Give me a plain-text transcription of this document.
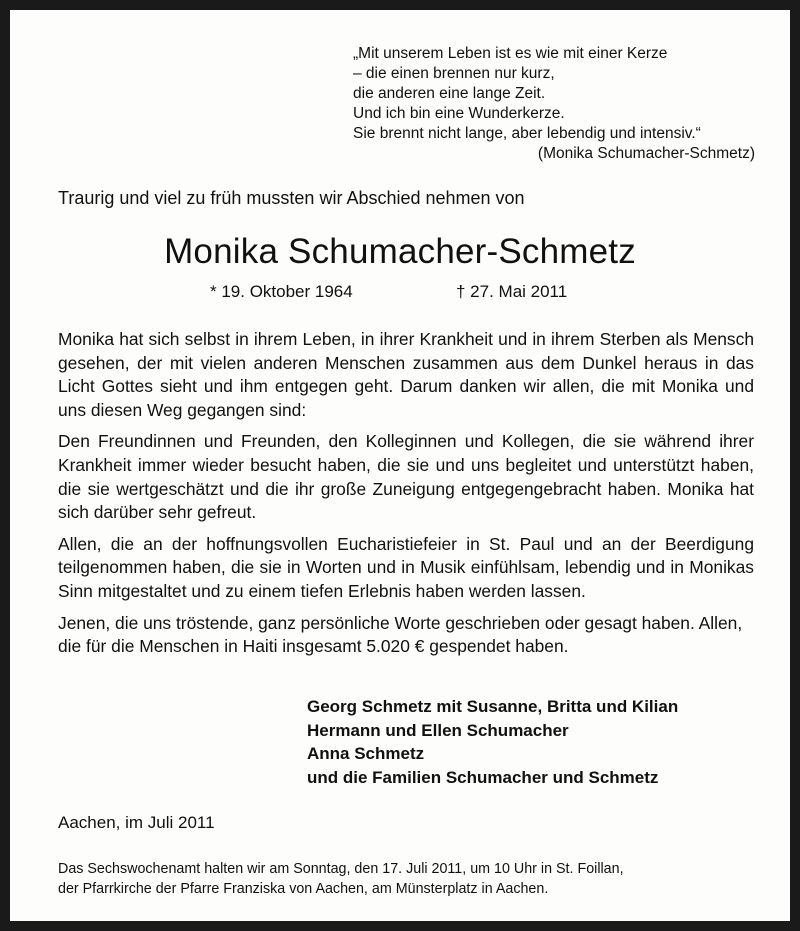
„Mit unserem Leben ist es wie mit einer Kerze
– die einen brennen nur kurz,
die anderen eine lange Zeit.
Und ich bin eine Wunderkerze.
Sie brennt nicht lange, aber lebendig und intensiv.“
(Monika Schumacher-Schmetz)
Traurig und viel zu früh mussten wir Abschied nehmen von
Monika Schumacher-Schmetz
* 19. Oktober 1964	† 27. Mai 2011

Monika hat sich selbst in ihrem Leben, in ihrer Krankheit und in ihrem Sterben als Mensch gesehen, der mit vielen anderen Menschen zusammen aus dem Dunkel heraus in das Licht Gottes sieht und ihm entgegen geht. Darum danken wir allen, die mit Monika und uns diesen Weg gegangen sind:

Den Freundinnen und Freunden, den Kolleginnen und Kollegen, die sie während ihrer Krankheit immer wieder besucht haben, die sie und uns begleitet und unterstützt haben, die sie wertgeschätzt und die ihr große Zuneigung entgegengebracht haben. Monika hat sich darüber sehr gefreut.

Allen, die an der hoffnungsvollen Eucharistiefeier in St. Paul und an der Beerdigung teilgenommen haben, die sie in Worten und in Musik einfühlsam, lebendig und in Monikas Sinn mitgestaltet und zu einem tiefen Erlebnis haben werden lassen.

Jenen, die uns tröstende, ganz persönliche Worte geschrieben oder gesagt haben. Allen, die für die Menschen in Haiti insgesamt 5.020 € gespendet haben.

Georg Schmetz mit Susanne, Britta und Kilian
Hermann und Ellen Schumacher
Anna Schmetz
und die Familien Schumacher und Schmetz
Aachen, im Juli 2011
Das Sechswochenamt halten wir am Sonntag, den 17. Juli 2011, um 10 Uhr in St. Foillan,
der Pfarrkirche der Pfarre Franziska von Aachen, am Münsterplatz in Aachen.
